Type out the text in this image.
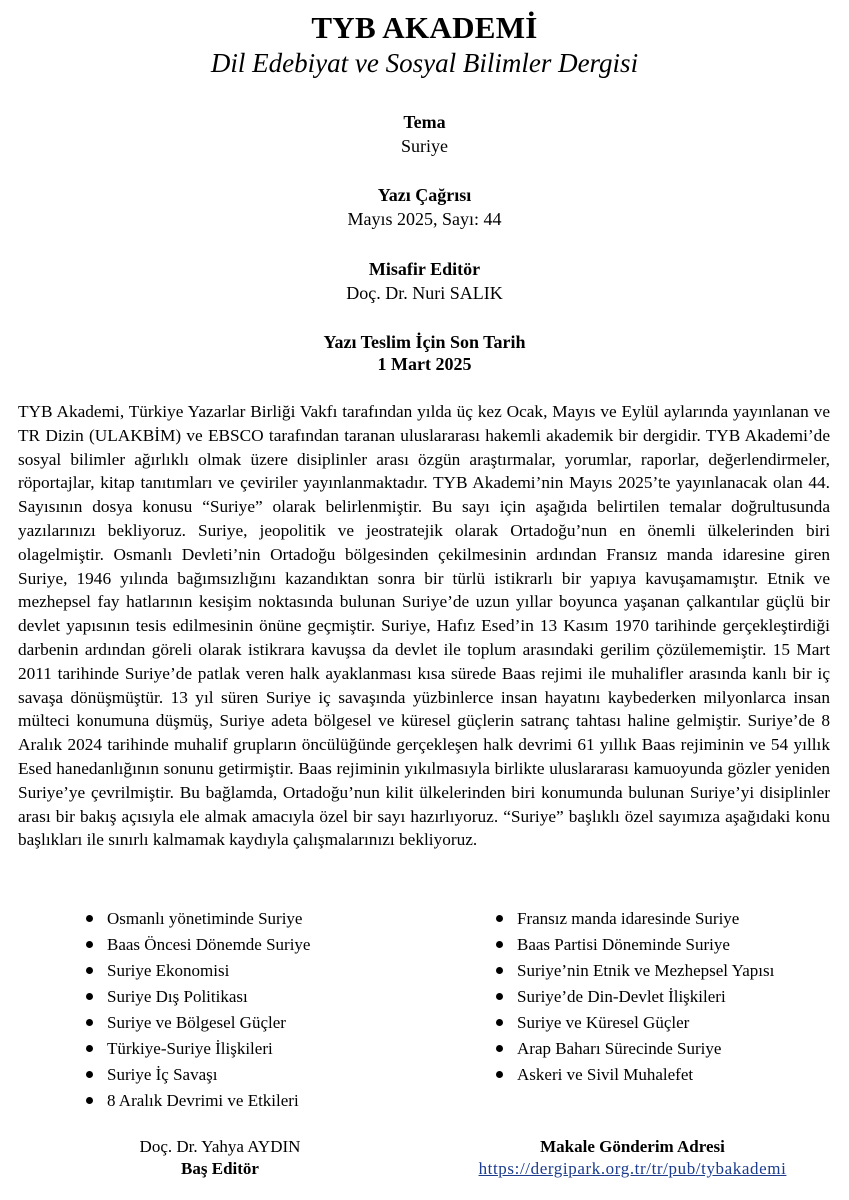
TYB AKADEMİ
Dil Edebiyat ve Sosyal Bilimler Dergisi
Tema
Suriye
Yazı Çağrısı
Mayıs 2025, Sayı: 44
Misafir Editör
Doç. Dr. Nuri SALIK
Yazı Teslim İçin Son Tarih
1 Mart 2025
TYB Akademi, Türkiye Yazarlar Birliği Vakfı tarafından yılda üç kez Ocak, Mayıs ve Eylül aylarında yayınlanan ve TR Dizin (ULAKBİM) ve EBSCO tarafından taranan uluslararası hakemli akademik bir dergidir. TYB Akademi’de sosyal bilimler ağırlıklı olmak üzere disiplinler arası özgün araştırmalar, yorumlar, raporlar, değerlendirmeler, röportajlar, kitap tanıtımları ve çeviriler yayınlanmaktadır. TYB Akademi’nin Mayıs 2025’te yayınlanacak olan 44. Sayısının dosya konusu “Suriye” olarak belirlenmiştir. Bu sayı için aşağıda belirtilen temalar doğrultusunda yazılarınızı bekliyoruz. Suriye, jeopolitik ve jeostratejik olarak Ortadoğu’nun en önemli ülkelerinden biri olagelmiştir. Osmanlı Devleti’nin Ortadoğu bölgesinden çekilmesinin ardından Fransız manda idaresine giren Suriye, 1946 yılında bağımsızlığını kazandıktan sonra bir türlü istikrarlı bir yapıya kavuşamamıştır. Etnik ve mezhepsel fay hatlarının kesişim noktasında bulunan Suriye’de uzun yıllar boyunca yaşanan çalkantılar güçlü bir devlet yapısının tesis edilmesinin önüne geçmiştir. Suriye, Hafız Esed’in 13 Kasım 1970 tarihinde gerçekleştirdiği darbenin ardından göreli olarak istikrara kavuşsa da devlet ile toplum arasındaki gerilim çözülememiştir. 15 Mart 2011 tarihinde Suriye’de patlak veren halk ayaklanması kısa sürede Baas rejimi ile muhalifler arasında kanlı bir iç savaşa dönüşmüştür. 13 yıl süren Suriye iç savaşında yüzbinlerce insan hayatını kaybederken milyonlarca insan mülteci konumuna düşmüş, Suriye adeta bölgesel ve küresel güçlerin satranç tahtası haline gelmiştir. Suriye’de 8 Aralık 2024 tarihinde muhalif grupların öncülüğünde gerçekleşen halk devrimi 61 yıllık Baas rejiminin ve 54 yıllık Esed hanedanlığının sonunu getirmiştir. Baas rejiminin yıkılmasıyla birlikte uluslararası kamuoyunda gözler yeniden Suriye’ye çevrilmiştir. Bu bağlamda, Ortadoğu’nun kilit ülkelerinden biri konumunda bulunan Suriye’yi disiplinler arası bir bakış açısıyla ele almak amacıyla özel bir sayı hazırlıyoruz. “Suriye” başlıklı özel sayımıza aşağıdaki konu başlıkları ile sınırlı kalmamak kaydıyla çalışmalarınızı bekliyoruz.
Osmanlı yönetiminde Suriye
Baas Öncesi Dönemde Suriye
Suriye Ekonomisi
Suriye Dış Politikası
Suriye ve Bölgesel Güçler
Türkiye-Suriye İlişkileri
Suriye İç Savaşı
8 Aralık Devrimi ve Etkileri
Fransız manda idaresinde Suriye
Baas Partisi Döneminde Suriye
Suriye’nin Etnik ve Mezhepsel Yapısı
Suriye’de Din-Devlet İlişkileri
Suriye ve Küresel Güçler
Arap Baharı Sürecinde Suriye
Askeri ve Sivil Muhalefet
Doç. Dr. Yahya AYDIN
Baş Editör
Makale Gönderim Adresi
https://dergipark.org.tr/tr/pub/tybakademi
